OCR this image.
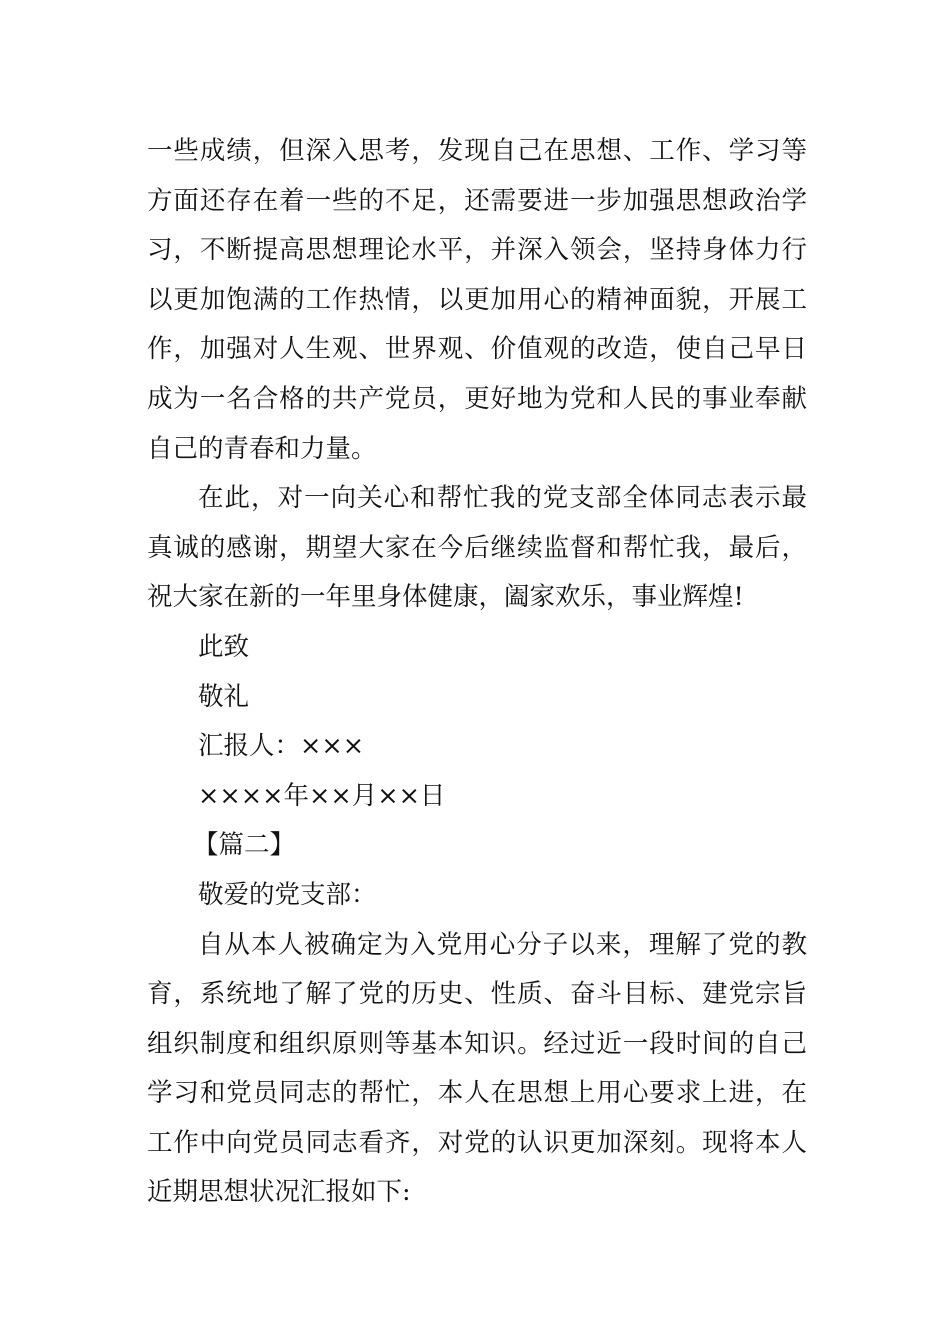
一些成绩，但深入思考，发现自己在思想、工作、学习等
方面还存在着一些的不足，还需要进一步加强思想政治学
习，不断提高思想理论水平，并深入领会，坚持身体力行
以更加饱满的工作热情，以更加用心的精神面貌，开展工
作，加强对人生观、世界观、价值观的改造，使自己早日
成为一名合格的共产党员，更好地为党和人民的事业奉献
自己的青春和力量。
在此，对一向关心和帮忙我的党支部全体同志表示最
真诚的感谢，期望大家在今后继续监督和帮忙我，最后，
祝大家在新的一年里身体健康，阖家欢乐，事业辉煌!
此致
敬礼
汇报人：×××
××××年××月××日
【篇二】
敬爱的党支部：
自从本人被确定为入党用心分子以来，理解了党的教
育，系统地了解了党的历史、性质、奋斗目标、建党宗旨
组织制度和组织原则等基本知识。经过近一段时间的自己
学习和党员同志的帮忙，本人在思想上用心要求上进，在
工作中向党员同志看齐，对党的认识更加深刻。现将本人
近期思想状况汇报如下:
